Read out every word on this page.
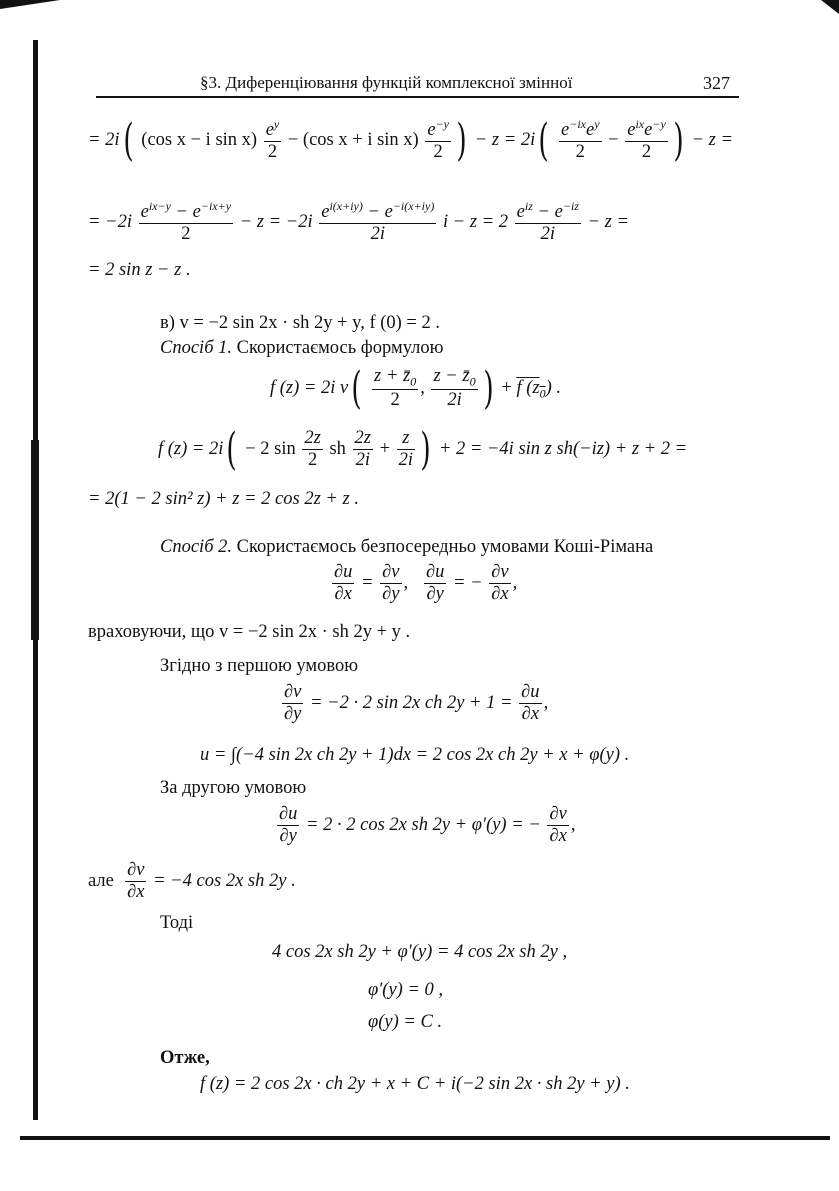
§3. Диференціювання функцій комплексної змінної	327
= 2i( (cos x − i $\sin x) \frac{e^y}{2} - (\cos$ x + i $\sin x) \frac{e^{-y}}{2}$ ) − $z = 2i( \frac{e^{-ix}e^y}{2} - \frac{e^{ix}e^{-y}}{2}$ ) − z =
= $-2i \frac{e^{ix-y} - e^{-ix+y}}{2} - z = -2i \frac{e^{i(x+iy)} - e^{-i(x+iy)}}{2i}$ $i - z = 2 \frac{e^{iz} - e^{-iz}}{2i} - z$ =
= 2 sin z − z .
в) v = −2 sin 2x · sh 2y + y, f (0) = 2 .
Спосіб 1. Скористаємось формулою
f (z) = 2i $v( \frac{z + z̄_0}{2}$ , $\frac{z - z̄_0}{2i}$ ) + f $(z_0)$ .
f (z) = 2i( − 2 $\sin \frac{2z}{2}$ sh $\frac{2z}{2i} + \frac{z}{2i}$ ) + 2 = −4i sin z sh(−iz) + z + 2 =
= 2(1 − 2 sin² z) + z = 2 cos 2z + z .
Спосіб 2. Скористаємось безпосередньо умовами Коші-Рімана
$\frac{\partial u}{\partial x} = \frac{\partial v}{\partial y}$ , $\frac{\partial u}{\partial y}$ = − $\frac{\partial v}{\partial x}$ ,
враховуючи, що v = −2 sin 2x · sh 2y + y .
Згідно з першою умовою
$\frac{\partial v}{\partial y} = -2 \cdot 2$ sin 2x ch $2y + 1 = \frac{\partial u}{\partial x}$ ,
u = ∫(−4 sin 2x ch 2y + 1)dx = 2 cos 2x ch 2y + x + φ(y) .
За другою умовою
$\frac{\partial u}{\partial y} = 2 \cdot 2$ cos 2x sh 2y + φ′(y) = − $\frac{\partial v}{\partial x}$ ,
але $\frac{\partial v}{\partial x} = -4$ cos 2x sh 2y .
Тоді
4 cos 2x sh 2y + φ′(y) = 4 cos 2x sh 2y ,
φ′(y) = 0 ,
φ(y) = C .
Отже,
f (z) = 2 cos 2x · ch 2y + x + C + i(−2 sin 2x · sh 2y + y) .
